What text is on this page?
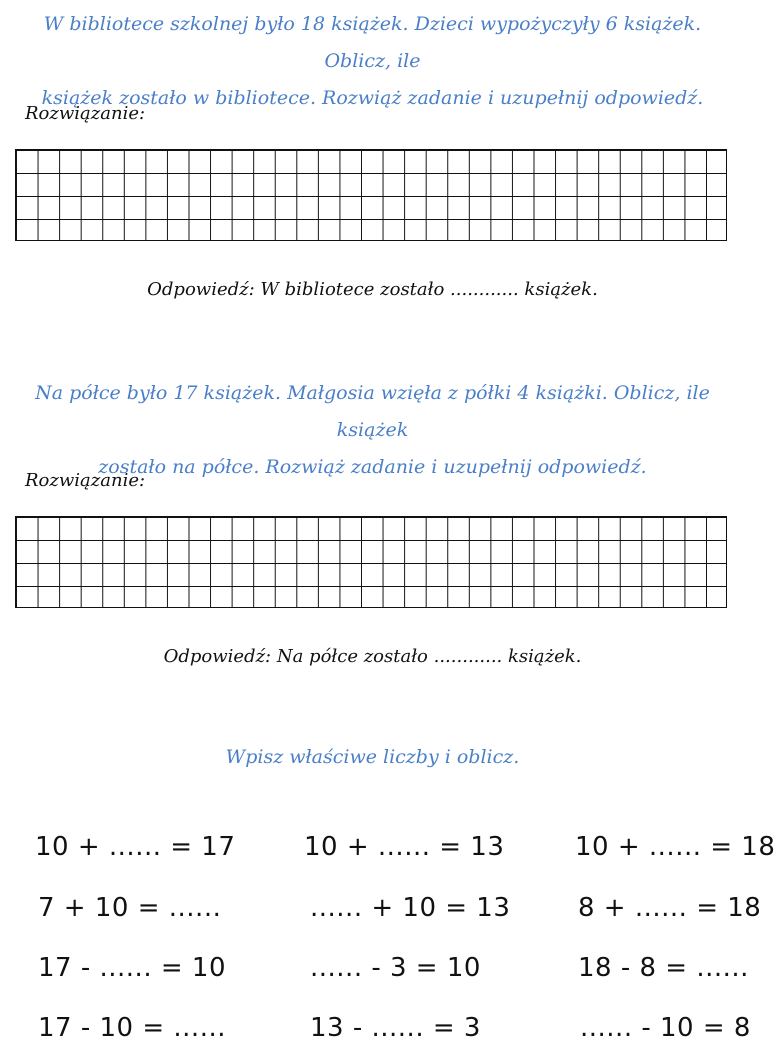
W bibliotece szkolnej było 18 książek. Dzieci wypożyczyły 6 książek. Oblicz, ile
książek zostało w bibliotece. Rozwiąż zadanie i uzupełnij odpowiedź.
Rozwiązanie:
Odpowiedź: W bibliotece zostało ............ książek.
Na półce było 17 książek. Małgosia wzięła z półki 4 książki. Oblicz, ile książek
zostało na półce. Rozwiąż zadanie i uzupełnij odpowiedź.
Rozwiązanie:
Odpowiedź: Na półce zostało ............ książek.
Wpisz właściwe liczby i oblicz.
10 + ...... = 17
7 + 10 = ......
17 - ...... = 10
17 - 10 = ......
10 + ...... = 13
...... + 10 = 13
...... - 3 = 10
13 - ...... = 3
10 + ...... = 18
8 + ...... = 18
18 - 8 = ......
...... - 10 = 8
